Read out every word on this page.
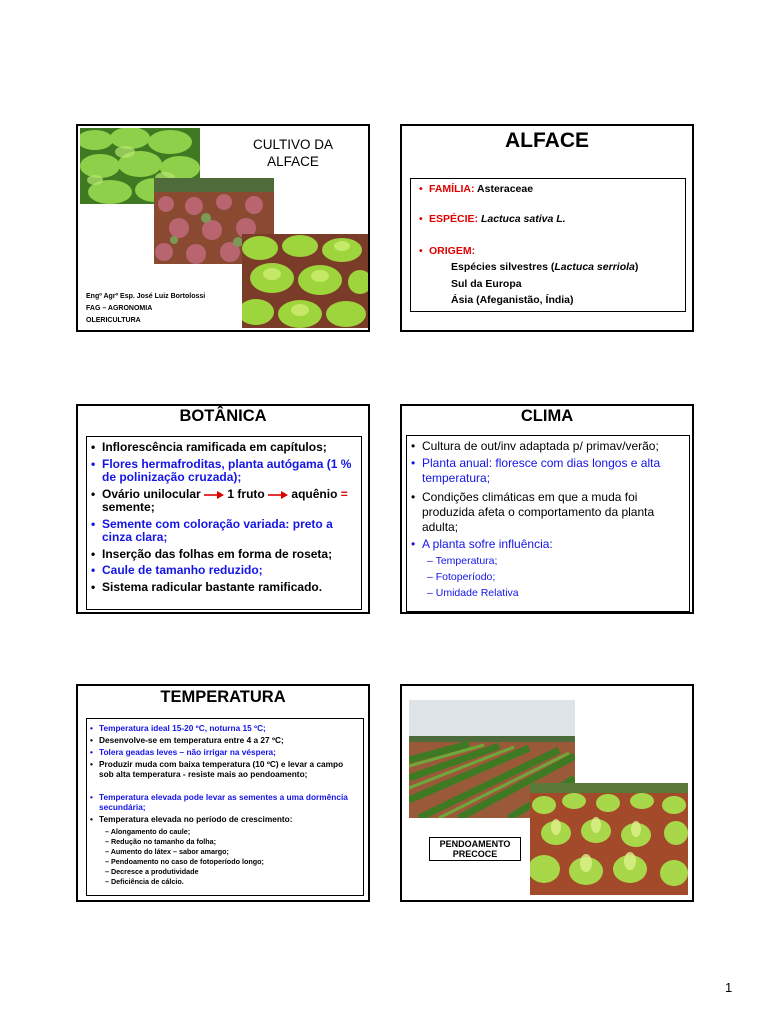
CULTIVO DA
ALFACE
Engº Agrº Esp. José Luiz Bortolossi
FAG – AGRONOMIA
OLERICULTURA
ALFACE
• FAMÍLIA: Asteraceae
• ESPÉCIE: Lactuca sativa L.
• ORIGEM:
Espécies silvestres (Lactuca serriola)
Sul da Europa
Ásia (Afeganistão, Índia)
BOTÂNICA
• Inflorescência ramificada em capítulos;
• Flores hermafroditas, planta autógama (1 % de polinização cruzada);
• Ovário unilocular 1 fruto aquênio = semente;
• Semente com coloração variada: preto a cinza clara;
• Inserção das folhas em forma de roseta;
• Caule de tamanho reduzido;
• Sistema radicular bastante ramificado.
CLIMA
• Cultura de out/inv adaptada p/ primav/verão;
• Planta anual: floresce com dias longos e alta temperatura;
• Condições climáticas em que a muda foi produzida afeta o comportamento da planta adulta;
• A planta sofre influência:
– Temperatura;
– Fotoperíodo;
– Umidade Relativa
TEMPERATURA
• Temperatura ideal 15-20 ºC, noturna 15 ºC;
• Desenvolve-se em temperatura entre 4 a 27 ºC;
• Tolera geadas leves – não irrigar na véspera;
• Produzir muda com baixa temperatura (10 ºC) e levar a campo sob alta temperatura - resiste mais ao pendoamento;
• Temperatura elevada pode levar as sementes a uma dormência secundária;
• Temperatura elevada no período de crescimento:
– Alongamento do caule;
– Redução no tamanho da folha;
– Aumento do látex – sabor amargo;
– Pendoamento no caso de fotoperíodo longo;
– Decresce a produtividade
– Deficiência de cálcio.
PENDOAMENTO
PRECOCE
1
